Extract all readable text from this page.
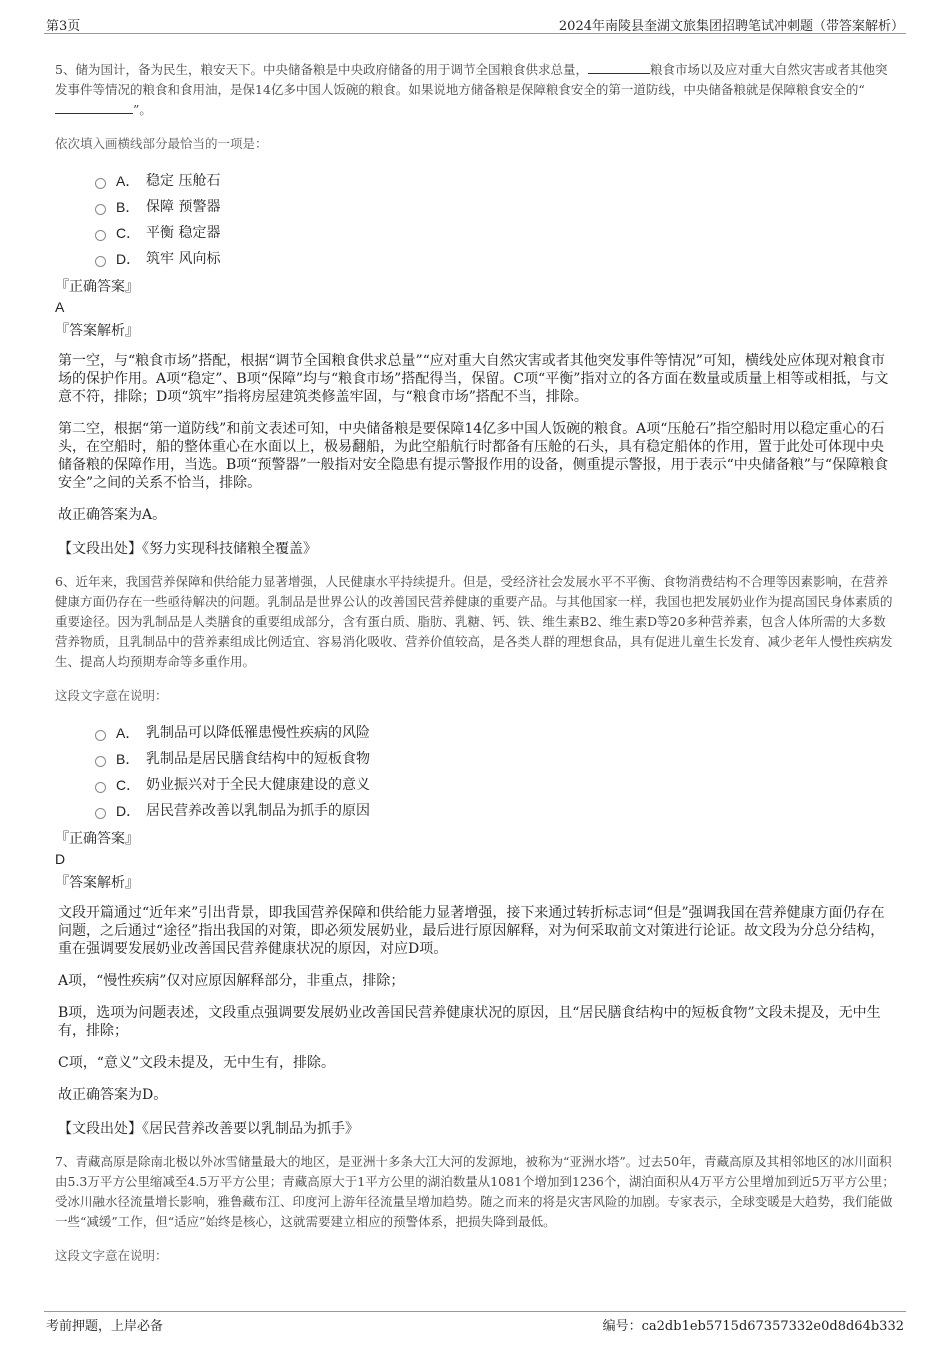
第3页	2024年南陵县奎湖文旅集团招聘笔试冲刺题（带答案解析）

5、储为国计，备为民生，粮安天下。中央储备粮是中央政府储备的用于调节全国粮食供求总量，	粮食市场以及应对重大自然灾害或者其他突发事件等情况的粮食和食用油，是保14亿多中国人饭碗的粮食。如果说地方储备粮是保障粮食安全的第一道防线，中央储备粮就是保障粮食安全的“”。

依次填入画横线部分最恰当的一项是：

A． 稳定 压舱石
B． 保障 预警器
C． 平衡 稳定器
D． 筑牢 风向标
『正确答案』
A
『答案解析』

第一空，与“粮食市场”搭配，根据“调节全国粮食供求总量”“应对重大自然灾害或者其他突发事件等情况”可知，横线处应体现对粮食市场的保护作用。A项“稳定”、B项“保障”均与“粮食市场”搭配得当，保留。C项“平衡”指对立的各方面在数量或质量上相等或相抵，与文意不符，排除；D项“筑牢”指将房屋建筑类修盖牢固，与“粮食市场”搭配不当，排除。

第二空，根据“第一道防线”和前文表述可知，中央储备粮是要保障14亿多中国人饭碗的粮食。A项“压舱石”指空船时用以稳定重心的石头，在空船时，船的整体重心在水面以上，极易翻船，为此空船航行时都备有压舱的石头，具有稳定船体的作用，置于此处可体现中央储备粮的保障作用，当选。B项“预警器”一般指对安全隐患有提示警报作用的设备，侧重提示警报，用于表示“中央储备粮”与“保障粮食安全”之间的关系不恰当，排除。

故正确答案为A。

【文段出处】《努力实现科技储粮全覆盖》

6、近年来，我国营养保障和供给能力显著增强，人民健康水平持续提升。但是，受经济社会发展水平不平衡、食物消费结构不合理等因素影响，在营养健康方面仍存在一些亟待解决的问题。乳制品是世界公认的改善国民营养健康的重要产品。与其他国家一样，我国也把发展奶业作为提高国民身体素质的重要途径。因为乳制品是人类膳食的重要组成部分，含有蛋白质、脂肪、乳糖、钙、铁、维生素B2、维生素D等20多种营养素，包含人体所需的大多数营养物质，且乳制品中的营养素组成比例适宜、容易消化吸收、营养价值较高，是各类人群的理想食品，具有促进儿童生长发育、减少老年人慢性疾病发生、提高人均预期寿命等多重作用。

这段文字意在说明：

A． 乳制品可以降低罹患慢性疾病的风险
B． 乳制品是居民膳食结构中的短板食物
C． 奶业振兴对于全民大健康建设的意义
D． 居民营养改善以乳制品为抓手的原因
『正确答案』
D
『答案解析』

文段开篇通过“近年来”引出背景，即我国营养保障和供给能力显著增强，接下来通过转折标志词“但是”强调我国在营养健康方面仍存在问题，之后通过“途径”指出我国的对策，即必须发展奶业，最后进行原因解释，对为何采取前文对策进行论证。故文段为分总分结构，重在强调要发展奶业改善国民营养健康状况的原因，对应D项。

A项，“慢性疾病”仅对应原因解释部分，非重点，排除；

B项，选项为问题表述，文段重点强调要发展奶业改善国民营养健康状况的原因，且“居民膳食结构中的短板食物”文段未提及，无中生有，排除；

C项，“意义”文段未提及，无中生有，排除。

故正确答案为D。

【文段出处】《居民营养改善要以乳制品为抓手》

7、青藏高原是除南北极以外冰雪储量最大的地区，是亚洲十多条大江大河的发源地，被称为“亚洲水塔”。过去50年，青藏高原及其相邻地区的冰川面积由5.3万平方公里缩减至4.5万平方公里；青藏高原大于1平方公里的湖泊数量从1081个增加到1236个，湖泊面积从4万平方公里增加到近5万平方公里；受冰川融水径流量增长影响，雅鲁藏布江、印度河上游年径流量呈增加趋势。随之而来的将是灾害风险的加剧。专家表示，全球变暖是大趋势，我们能做一些“减缓”工作，但“适应”始终是核心，这就需要建立相应的预警体系，把损失降到最低。

这段文字意在说明：

考前押题，上岸必备	编号：ca2db1eb5715d67357332e0d8d64b332
